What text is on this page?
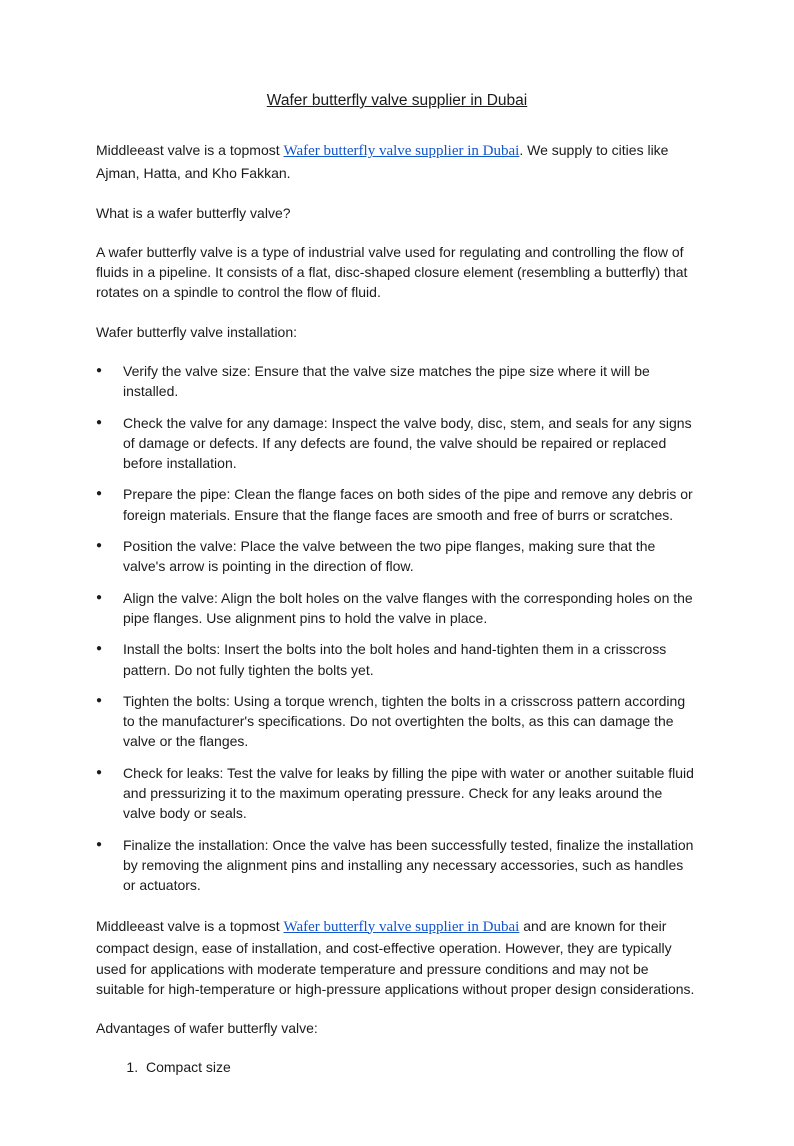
Wafer butterfly valve supplier in Dubai

Middleeast valve is a topmost Wafer butterfly valve supplier in Dubai. We supply to cities like Ajman, Hatta, and Kho Fakkan.

What is a wafer butterfly valve?

A wafer butterfly valve is a type of industrial valve used for regulating and controlling the flow of fluids in a pipeline. It consists of a flat, disc-shaped closure element (resembling a butterfly) that rotates on a spindle to control the flow of fluid.

Wafer butterfly valve installation:

●	Verify the valve size: Ensure that the valve size matches the pipe size where it will be installed.
●	Check the valve for any damage: Inspect the valve body, disc, stem, and seals for any signs of damage or defects. If any defects are found, the valve should be repaired or replaced before installation.
●	Prepare the pipe: Clean the flange faces on both sides of the pipe and remove any debris or foreign materials. Ensure that the flange faces are smooth and free of burrs or scratches.
●	Position the valve: Place the valve between the two pipe flanges, making sure that the valve's arrow is pointing in the direction of flow.
●	Align the valve: Align the bolt holes on the valve flanges with the corresponding holes on the pipe flanges. Use alignment pins to hold the valve in place.
●	Install the bolts: Insert the bolts into the bolt holes and hand-tighten them in a crisscross pattern. Do not fully tighten the bolts yet.
●	Tighten the bolts: Using a torque wrench, tighten the bolts in a crisscross pattern according to the manufacturer's specifications. Do not overtighten the bolts, as this can damage the valve or the flanges.
●	Check for leaks: Test the valve for leaks by filling the pipe with water or another suitable fluid and pressurizing it to the maximum operating pressure. Check for any leaks around the valve body or seals.
●	Finalize the installation: Once the valve has been successfully tested, finalize the installation by removing the alignment pins and installing any necessary accessories, such as handles or actuators.

Middleeast valve is a topmost Wafer butterfly valve supplier in Dubai and are known for their compact design, ease of installation, and cost-effective operation. However, they are typically used for applications with moderate temperature and pressure conditions and may not be suitable for high-temperature or high-pressure applications without proper design considerations.

Advantages of wafer butterfly valve:

1. Compact size
